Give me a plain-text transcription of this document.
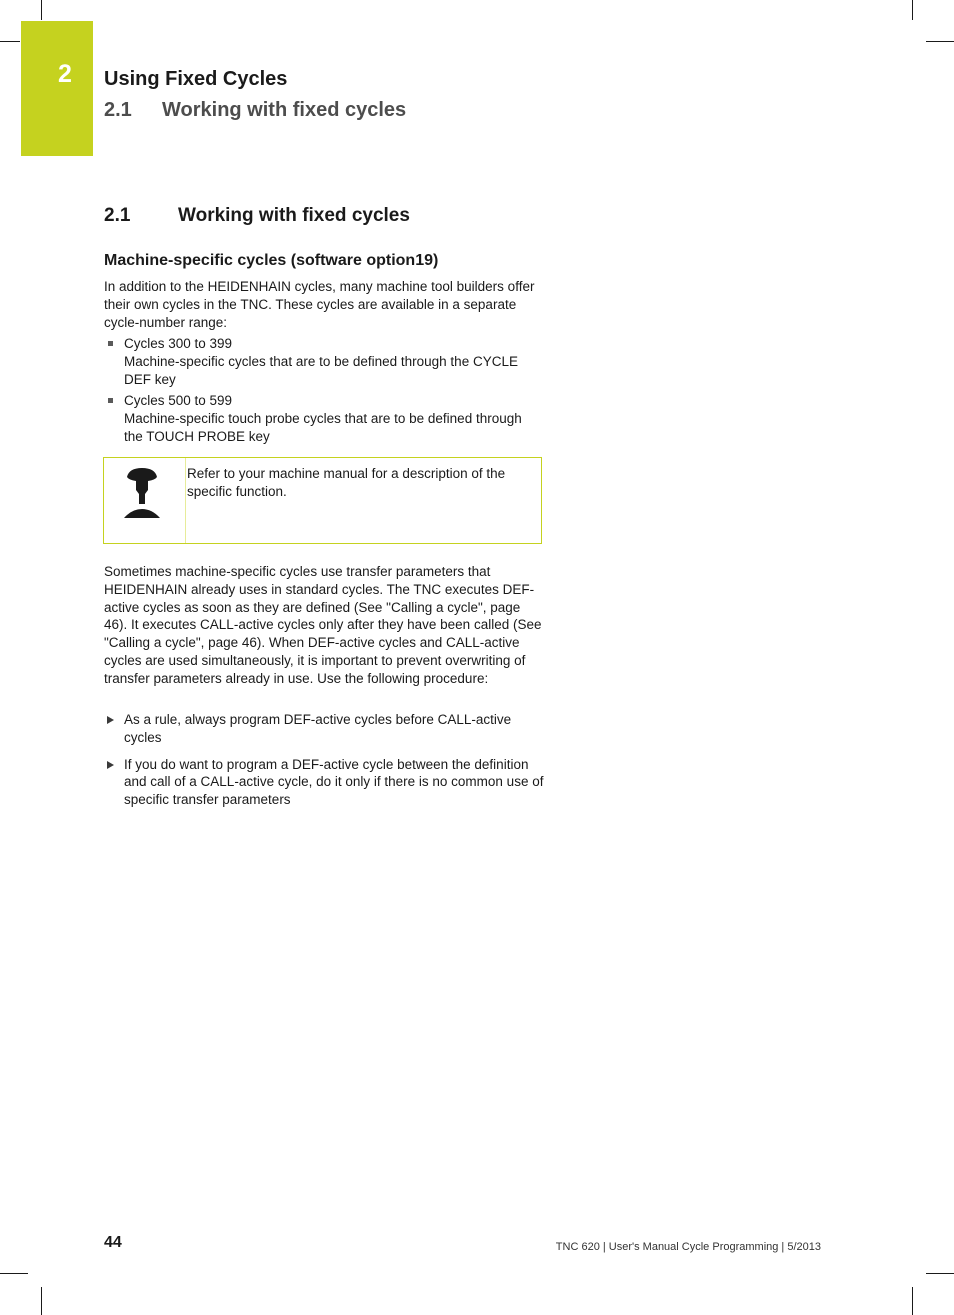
2 Using Fixed Cycles
2.1 Working with fixed cycles
2.1	Working with fixed cycles
Machine-specific cycles (software option19)

In addition to the HEIDENHAIN cycles, many machine tool builders offer their own cycles in the TNC. These cycles are available in a separate cycle-number range:

Cycles 300 to 399
Machine-specific cycles that are to be defined through the CYCLE DEF key
Cycles 500 to 599
Machine-specific touch probe cycles that are to be defined through the TOUCH PROBE key
Refer to your machine manual for a description of the specific function.

Sometimes machine-specific cycles use transfer parameters that HEIDENHAIN already uses in standard cycles. The TNC executes DEF-active cycles as soon as they are defined (See "Calling a cycle", page 46). It executes CALL-active cycles only after they have been called (See "Calling a cycle", page 46). When DEF-active cycles and CALL-active cycles are used simultaneously, it is important to prevent overwriting of transfer parameters already in use. Use the following procedure:

As a rule, always program DEF-active cycles before CALL-active cycles
If you do want to program a DEF-active cycle between the definition and call of a CALL-active cycle, do it only if there is no common use of specific transfer parameters
44	TNC 620 | User's Manual Cycle Programming | 5/2013
